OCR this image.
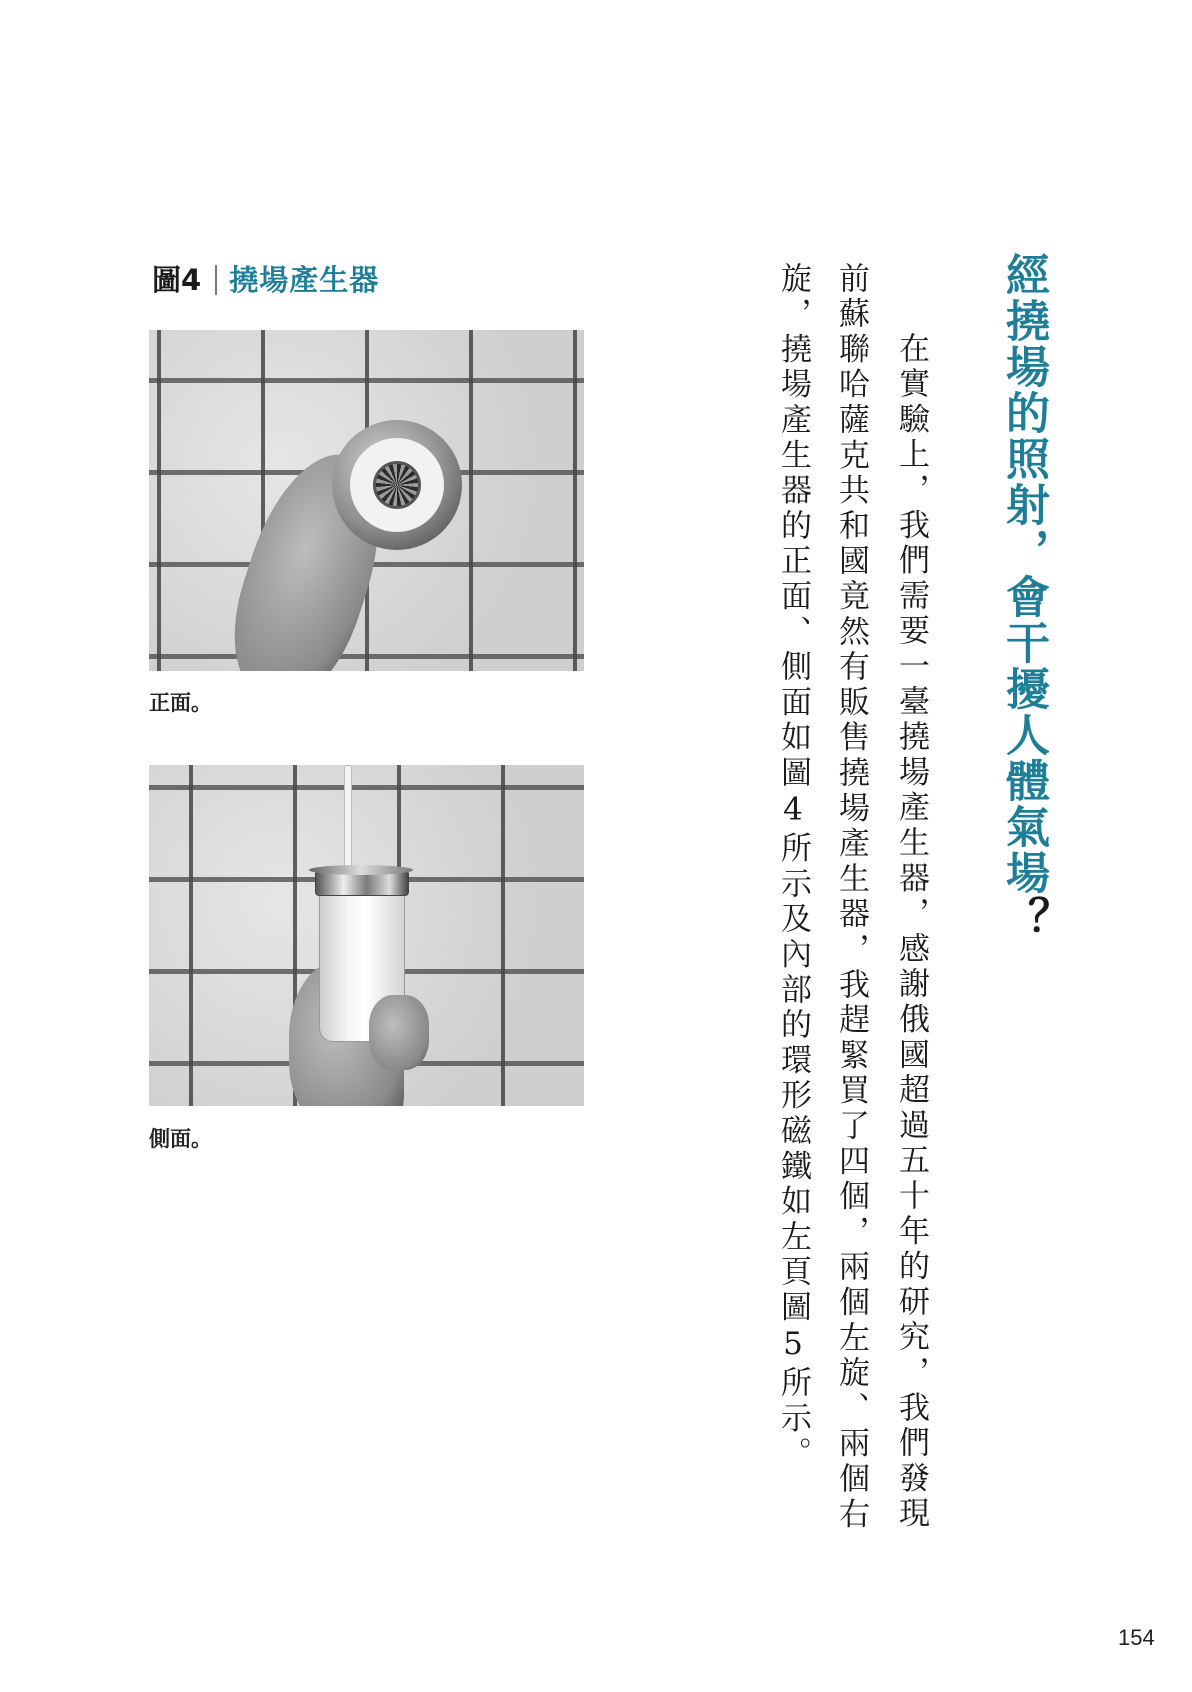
經撓場的照射，會干擾人體氣場？
在實驗上，我們需要一臺撓場產生器，感謝俄國超過五十年的研究，我們發現
前蘇聯哈薩克共和國竟然有販售撓場產生器，我趕緊買了四個，兩個左旋、兩個右
旋，撓場產生器的正面、側面如圖4所示及內部的環形磁鐵如左頁圖5所示。
圖4 撓場產生器
正面。
側面。
154
